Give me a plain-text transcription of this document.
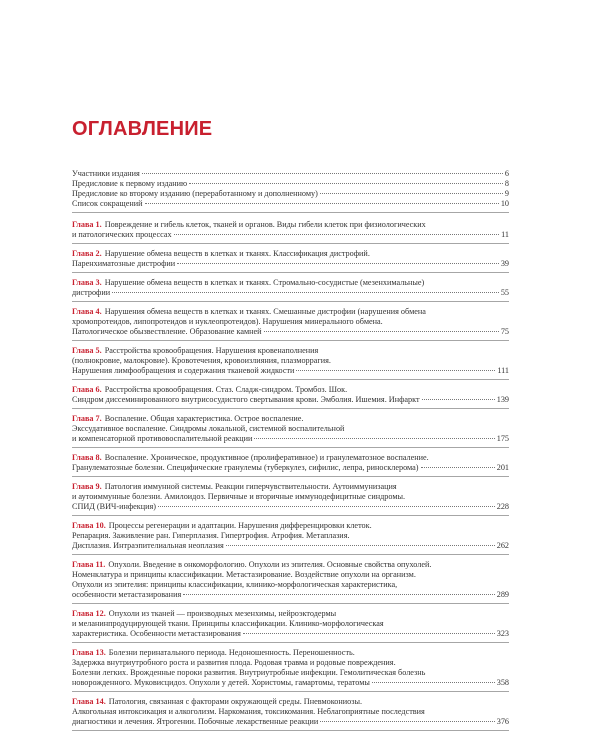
ОГЛАВЛЕНИЕ
Участники издания	6
Предисловие к первому изданию	8
Предисловие ко второму изданию (переработанному и дополненному)	9
Список сокращений	10
Глава 1. Повреждение и гибель клеток, тканей и органов. Виды гибели клеток при физиологических
и патологических процессах	11
Глава 2. Нарушение обмена веществ в клетках и тканях. Классификация дистрофий.
Паренхиматозные дистрофии	39
Глава 3. Нарушение обмена веществ в клетках и тканях. Стромально-сосудистые (мезенхимальные)
дистрофии	55
Глава 4. Нарушения обмена веществ в клетках и тканях. Смешанные дистрофии (нарушения обмена
хромопротеидов, липопротеидов и нуклеопротеидов). Нарушения минерального обмена.
Патологическое обызвествление. Образование камней	75
Глава 5. Расстройства кровообращения. Нарушения кровенаполнения
(полнокровие, малокровие). Кровотечения, кровоизлияния, плазморрагия.
Нарушения лимфообращения и содержания тканевой жидкости	111
Глава 6. Расстройства кровообращения. Стаз. Сладж-синдром. Тромбоз. Шок.
Синдром диссеминированного внутрисосудистого свертывания крови. Эмболия. Ишемия. Инфаркт	139
Глава 7. Воспаление. Общая характеристика. Острое воспаление.
Экссудативное воспаление. Синдромы локальной, системной воспалительной
и компенсаторной противовоспалительной реакции	175
Глава 8. Воспаление. Хроническое, продуктивное (пролиферативное) и гранулематозное воспаление.
Гранулематозные болезни. Специфические гранулемы (туберкулез, сифилис, лепра, риносклерома)	201
Глава 9. Патология иммунной системы. Реакции гиперчувствительности. Аутоиммунизация
и аутоиммунные болезни. Амилоидоз. Первичные и вторичные иммунодефицитные синдромы.
СПИД (ВИЧ-инфекция)	228
Глава 10. Процессы регенерации и адаптации. Нарушения дифференцировки клеток.
Репарация. Заживление ран. Гиперплазия. Гипертрофия. Атрофия. Метаплазия.
Дисплазия. Интраэпителиальная неоплазия	262
Глава 11. Опухоли. Введение в онкоморфологию. Опухоли из эпителия. Основные свойства опухолей.
Номенклатура и принципы классификации. Метастазирование. Воздействие опухоли на организм.
Опухоли из эпителия: принципы классификации, клинико-морфологическая характеристика,
особенности метастазирования	289
Глава 12. Опухоли из тканей — производных мезенхимы, нейроэктодермы
и меланинпродуцирующей ткани. Принципы классификации. Клинико-морфологическая
характеристика. Особенности метастазирования	323
Глава 13. Болезни перинатального периода. Недоношенность. Переношенность.
Задержка внутриутробного роста и развития плода. Родовая травма и родовые повреждения.
Болезни легких. Врожденные пороки развития. Внутриутробные инфекции. Гемолитическая болезнь
новорожденного. Муковисцидоз. Опухоли у детей. Хористомы, гамартомы, тератомы	358
Глава 14. Патология, связанная с факторами окружающей среды. Пневмокониозы.
Алкогольная интоксикация и алкоголизм. Наркомания, токсикомания. Неблагоприятные последствия
диагностики и лечения. Ятрогении. Побочные лекарственные реакции	376
